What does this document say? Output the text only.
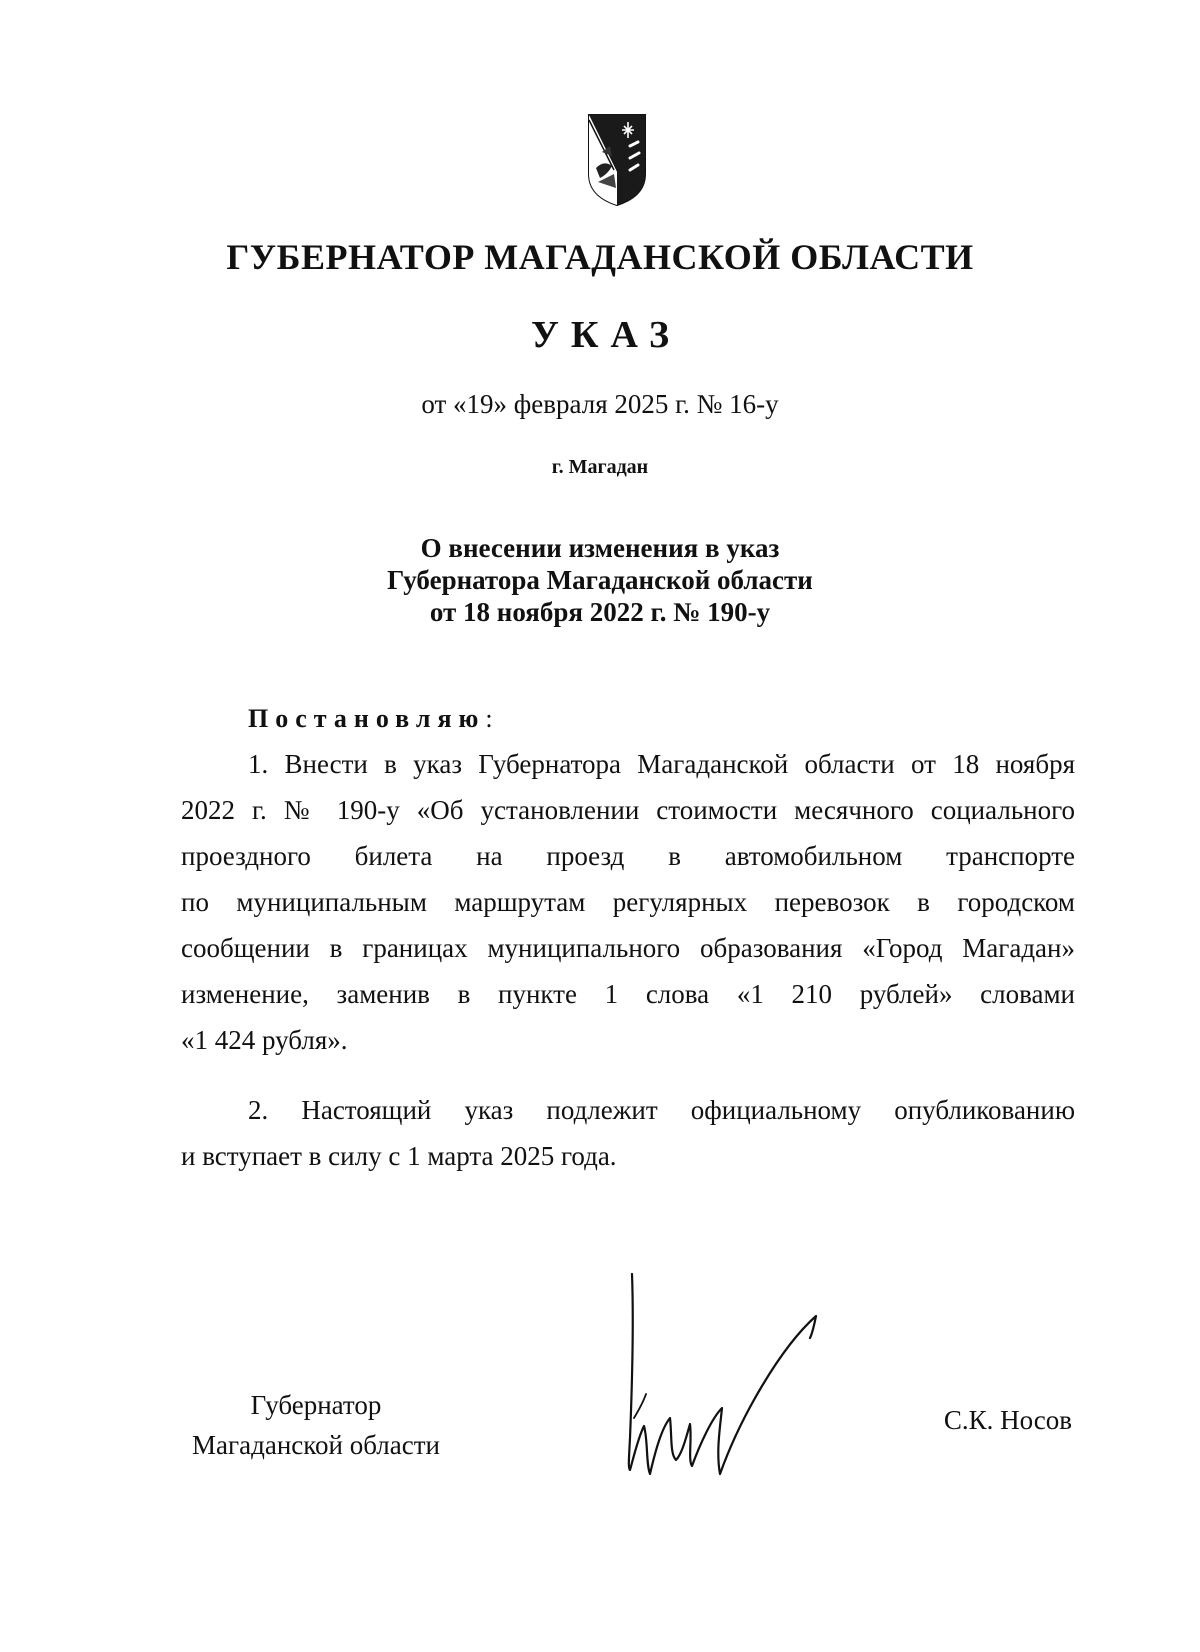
ГУБЕРНАТОР МАГАДАНСКОЙ ОБЛАСТИ
УКАЗ
от «19» февраля 2025 г. № 16-у
г. Магадан
О внесении изменения в указ
Губернатора Магаданской области
от 18 ноября 2022 г. № 190-у
Постановляю:
1. Внести в указ Губернатора Магаданской области от 18 ноября
2022 г. № 190-у «Об установлении стоимости месячного социального
проездного билета на проезд в автомобильном транспорте
по муниципальным маршрутам регулярных перевозок в городском
сообщении в границах муниципального образования «Город Магадан»
изменение, заменив в пункте 1 слова «1 210 рублей» словами
«1 424 рубля».
2. Настоящий указ подлежит официальному опубликованию
и вступает в силу с 1 марта 2025 года.
Губернатор
Магаданской области
С.К. Носов
